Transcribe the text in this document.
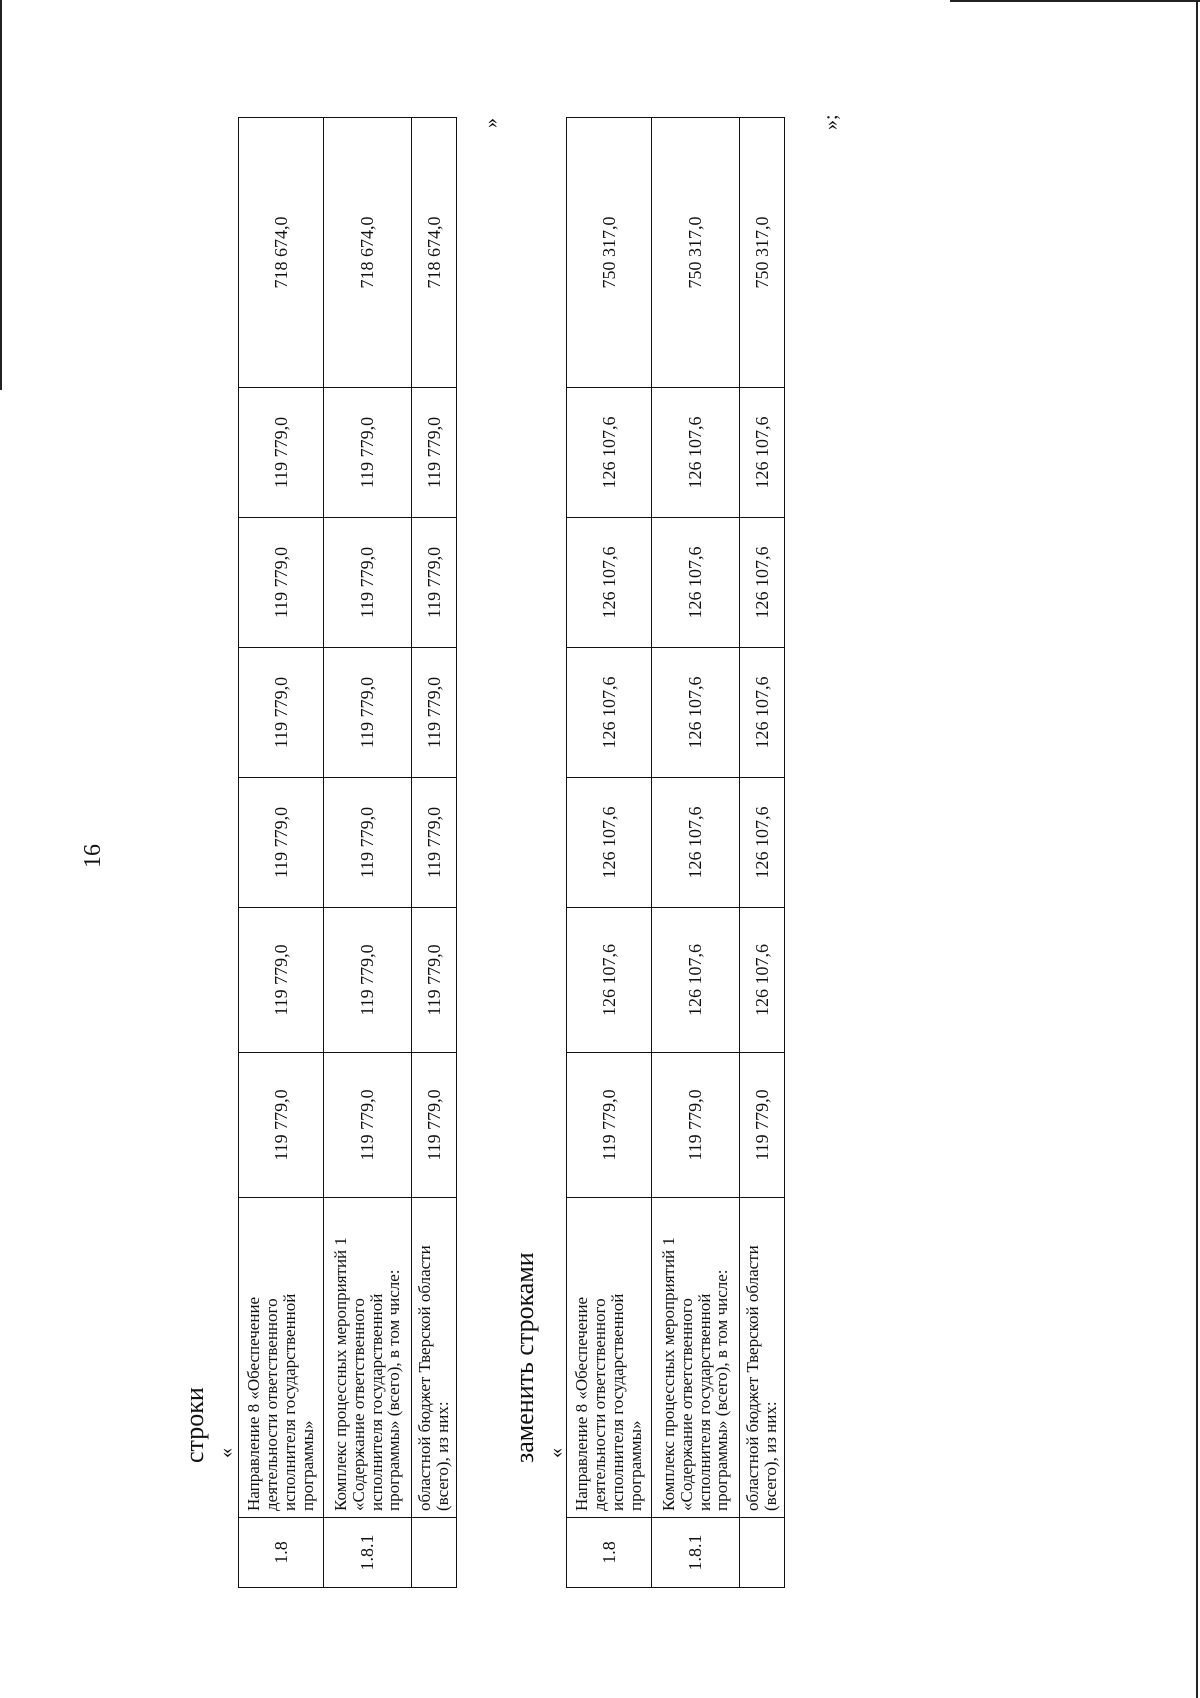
16
строки «
1.8	Направление 8 «Обеспечение деятельности ответственного исполнителя государственной программы»	119 779,0	119 779,0	119 779,0	119 779,0	119 779,0	119 779,0	718 674,0
1.8.1	Комплекс процессных мероприятий 1 «Содержание ответственного исполнителя государственной программы» (всего), в том числе:	119 779,0	119 779,0	119 779,0	119 779,0	119 779,0	119 779,0	718 674,0
	областной бюджет Тверской области (всего), из них:	119 779,0	119 779,0	119 779,0	119 779,0	119 779,0	119 779,0	718 674,0
»
заменить строками «
1.8	Направление 8 «Обеспечение деятельности ответственного исполнителя государственной программы»	119 779,0	126 107,6	126 107,6	126 107,6	126 107,6	126 107,6	750 317,0
1.8.1	Комплекс процессных мероприятий 1 «Содержание ответственного исполнителя государственной программы» (всего), в том числе:	119 779,0	126 107,6	126 107,6	126 107,6	126 107,6	126 107,6	750 317,0
	областной бюджет Тверской области (всего), из них:	119 779,0	126 107,6	126 107,6	126 107,6	126 107,6	126 107,6	750 317,0
»;
